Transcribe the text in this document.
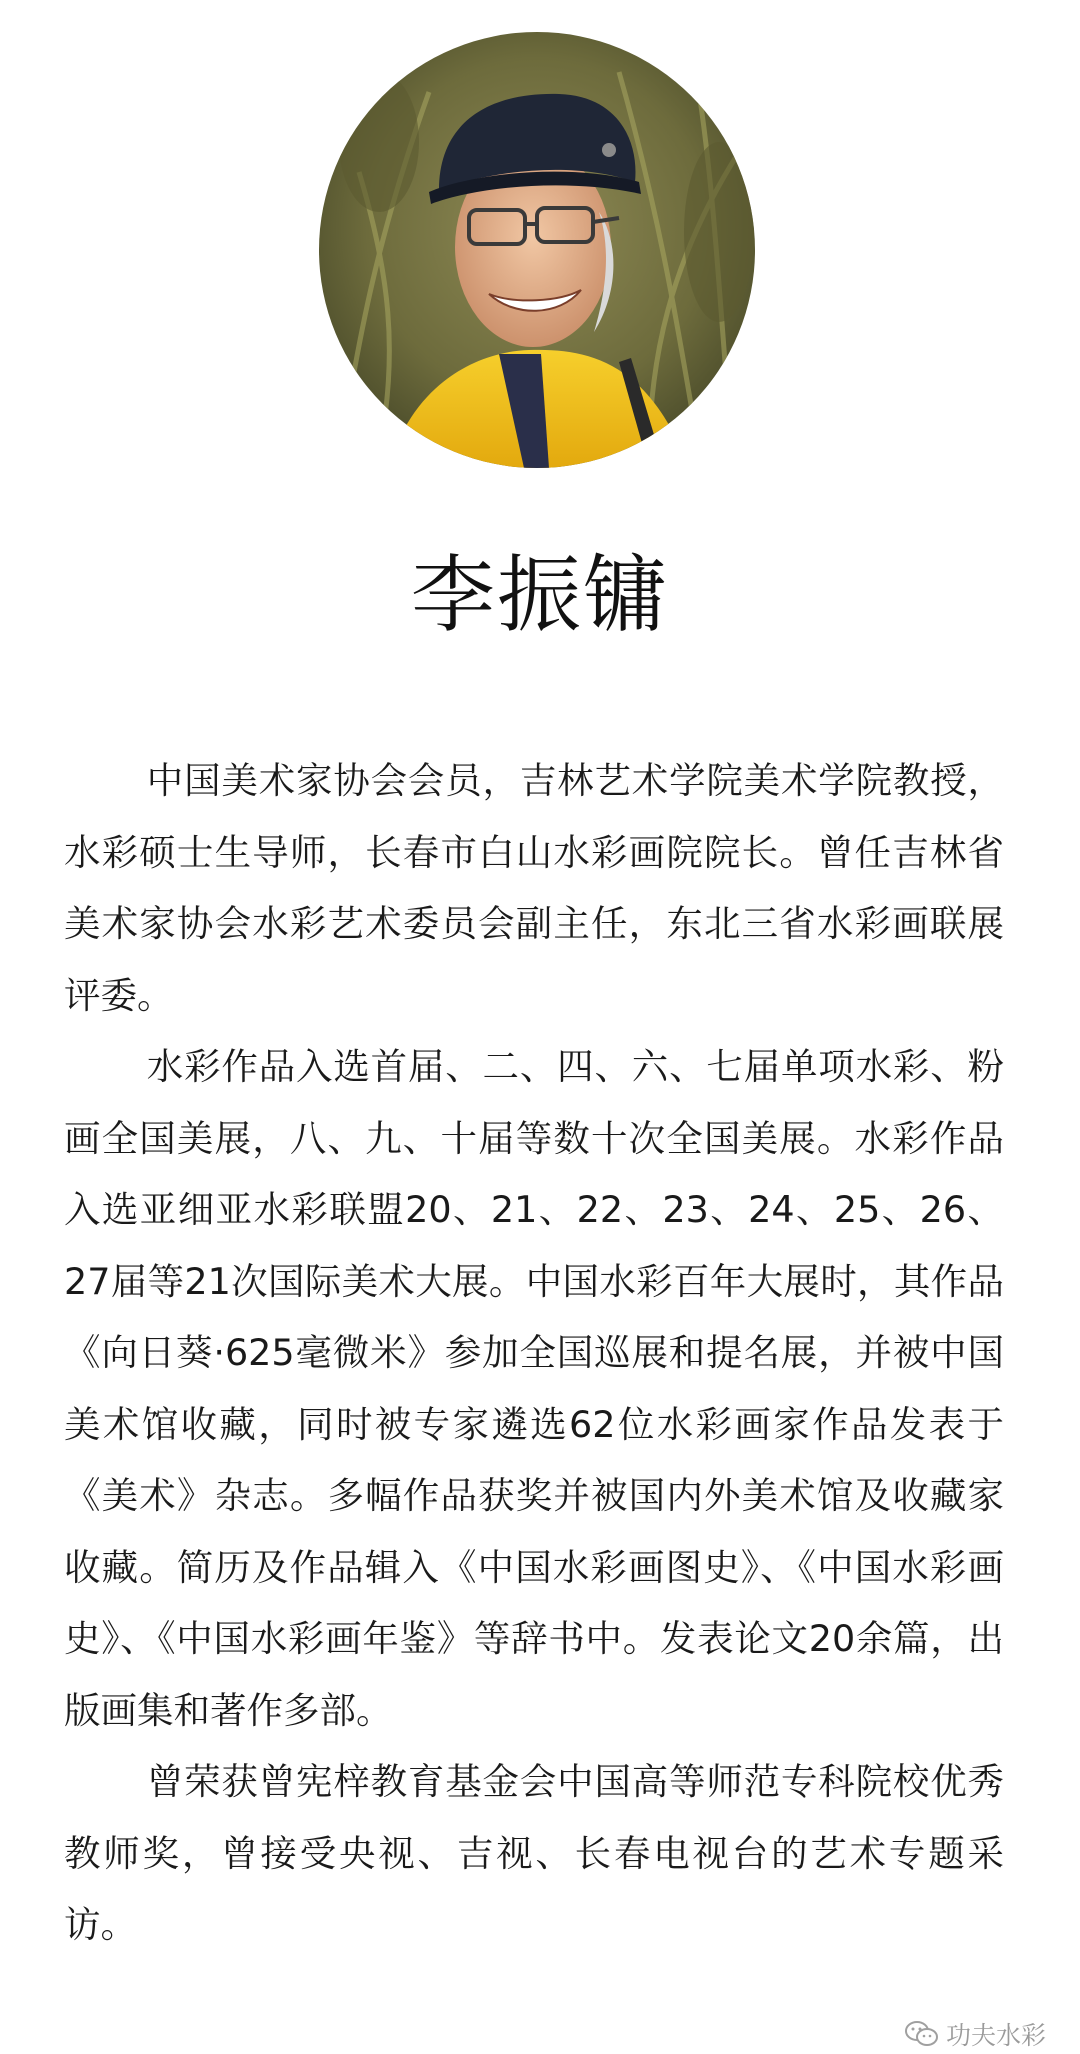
李振镛

中国美术家协会会员，吉林艺术学院美术学院教授，水彩硕士生导师，长春市白山水彩画院院长。曾任吉林省美术家协会水彩艺术委员会副主任，东北三省水彩画联展评委。

水彩作品入选首届、二、四、六、七届单项水彩、粉画全国美展，八、九、十届等数十次全国美展。水彩作品入选亚细亚水彩联盟20、21、22、23、24、25、26、27届等21次国际美术大展。中国水彩百年大展时，其作品《向日葵·625毫微米》参加全国巡展和提名展，并被中国美术馆收藏，同时被专家遴选62位水彩画家作品发表于《美术》杂志。多幅作品获奖并被国内外美术馆及收藏家收藏。简历及作品辑入《中国水彩画图史》、《中国水彩画史》、《中国水彩画年鉴》等辞书中。发表论文20余篇，出版画集和著作多部。

曾荣获曾宪梓教育基金会中国高等师范专科院校优秀教师奖，曾接受央视、吉视、长春电视台的艺术专题采访。

功夫水彩
